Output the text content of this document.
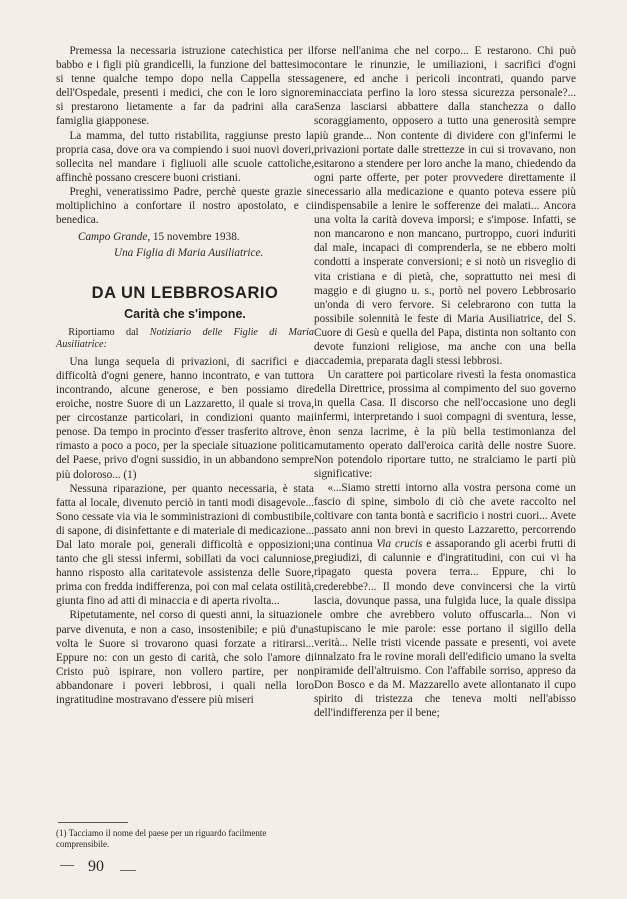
Premessa la necessaria istruzione catechistica per il babbo e i figli più grandicelli, la funzione del battesimo si tenne qualche tempo dopo nella Cappella stessa dell'Ospedale, presenti i medici, che con le loro signore si prestarono lietamente a far da padrini alla cara famiglia giapponese.

La mamma, del tutto ristabilita, raggiunse presto la propria casa, dove ora va compiendo i suoi nuovi doveri, sollecita nel mandare i figliuoli alle scuole cattoliche, affinchè possano crescere buoni cristiani.

Preghi, veneratissimo Padre, perchè queste grazie si moltiplichino a confortare il nostro apostolato, e ci benedica.

Campo Grande, 15 novembre 1938.

Una Figlia di Maria Ausiliatrice.

DA UN LEBBROSARIO
Carità che s'impone.

Riportiamo dal Notiziario delle Figlie di Maria Ausiliatrice:

Una lunga sequela di privazioni, di sacrifici e di difficoltà d'ogni genere, hanno incontrato, e van tuttora incontrando, alcune generose, e ben possiamo dire eroiche, nostre Suore di un Lazzaretto, il quale si trova, per circostanze particolari, in condizioni quanto mai penose. Da tempo in procinto d'esser trasferito altrove, è rimasto a poco a poco, per la speciale situazione politica del Paese, privo d'ogni sussidio, in un abbandono sempre più doloroso... (1)

Nessuna riparazione, per quanto necessaria, è stata fatta al locale, divenuto perciò in tanti modi disagevole... Sono cessate via via le somministrazioni di combustibile, di sapone, di disinfettante e di materiale di medicazione... Dal lato morale poi, generali difficoltà e opposizioni; tanto che gli stessi infermi, sobillati da voci calunniose, hanno risposto alla caritatevole assistenza delle Suore, prima con fredda indifferenza, poi con mal celata ostilità, giunta fino ad atti di minaccia e di aperta rivolta...

Ripetutamente, nel corso di questi anni, la situazione parve divenuta, e non a caso, insostenibile; e più d'una volta le Suore si trovarono quasi forzate a ritirarsi... Eppure no: con un gesto di carità, che solo l'amore di Cristo può ispirare, non vollero partire, per non abbandonare i poveri lebbrosi, i quali nella loro ingratitudine mostravano d'essere più miseri

forse nell'anima che nel corpo... E restarono. Chi può contare le rinunzie, le umiliazioni, i sacrifici d'ogni genere, ed anche i pericoli incontrati, quando parve minacciata perfino la loro stessa sicurezza personale?... Senza lasciarsi abbattere dalla stanchezza o dallo scoraggiamento, opposero a tutto una generosità sempre più grande... Non contente di dividere con gl'infermi le privazioni portate dalle strettezze in cui si trovavano, non esitarono a stendere per loro anche la mano, chiedendo da ogni parte offerte, per poter provvedere direttamente il necessario alla medicazione e quanto poteva essere più indispensabile a lenire le sofferenze dei malati... Ancora una volta la carità doveva imporsi; e s'impose. Infatti, se non mancarono e non mancano, purtroppo, cuori induriti dal male, incapaci di comprenderla, se ne ebbero molti condotti a insperate conversioni; e si notò un risveglio di vita cristiana e di pietà, che, soprattutto nei mesi di maggio e di giugno u. s., portò nel povero Lebbrosario un'onda di vero fervore. Si celebrarono con tutta la possibile solennità le feste di Maria Ausiliatrice, del S. Cuore di Gesù e quella del Papa, distinta non soltanto con devote funzioni religiose, ma anche con una bella accademia, preparata dagli stessi lebbrosi.

Un carattere poi particolare rivestì la festa onomastica della Direttrice, prossima al compimento del suo governo in quella Casa. Il discorso che nell'occasione uno degli infermi, interpretando i suoi compagni di sventura, lesse, non senza lacrime, è la più bella testimonianza del mutamento operato dall'eroica carità delle nostre Suore. Non potendolo riportare tutto, ne stralciamo le parti più significative:

«...Siamo stretti intorno alla vostra persona come un fascio di spine, simbolo di ciò che avete raccolto nel coltivare con tanta bontà e sacrificio i nostri cuori... Avete passato anni non brevi in questo Lazzaretto, percorrendo una continua Via crucis e assaporando gli acerbi frutti di pregiudizi, di calunnie e d'ingratitudini, con cui vi ha ripagato questa povera terra... Eppure, chi lo crederebbe?... Il mondo deve convincersi che la virtù lascia, dovunque passa, una fulgida luce, la quale dissipa le ombre che avrebbero voluto offuscarla... Non vi stupiscano le mie parole: esse portano il sigillo della verità... Nelle tristi vicende passate e presenti, voi avete innalzato fra le rovine morali dell'edificio umano la svelta piramide dell'altruismo. Con l'affabile sorriso, appreso da Don Bosco e da M. Mazzarello avete allontanato il cupo spirito di tristezza che teneva molti nell'abisso dell'indifferenza per il bene;

(1) Tacciamo il nome del paese per un riguardo facilmente comprensibile.
90
